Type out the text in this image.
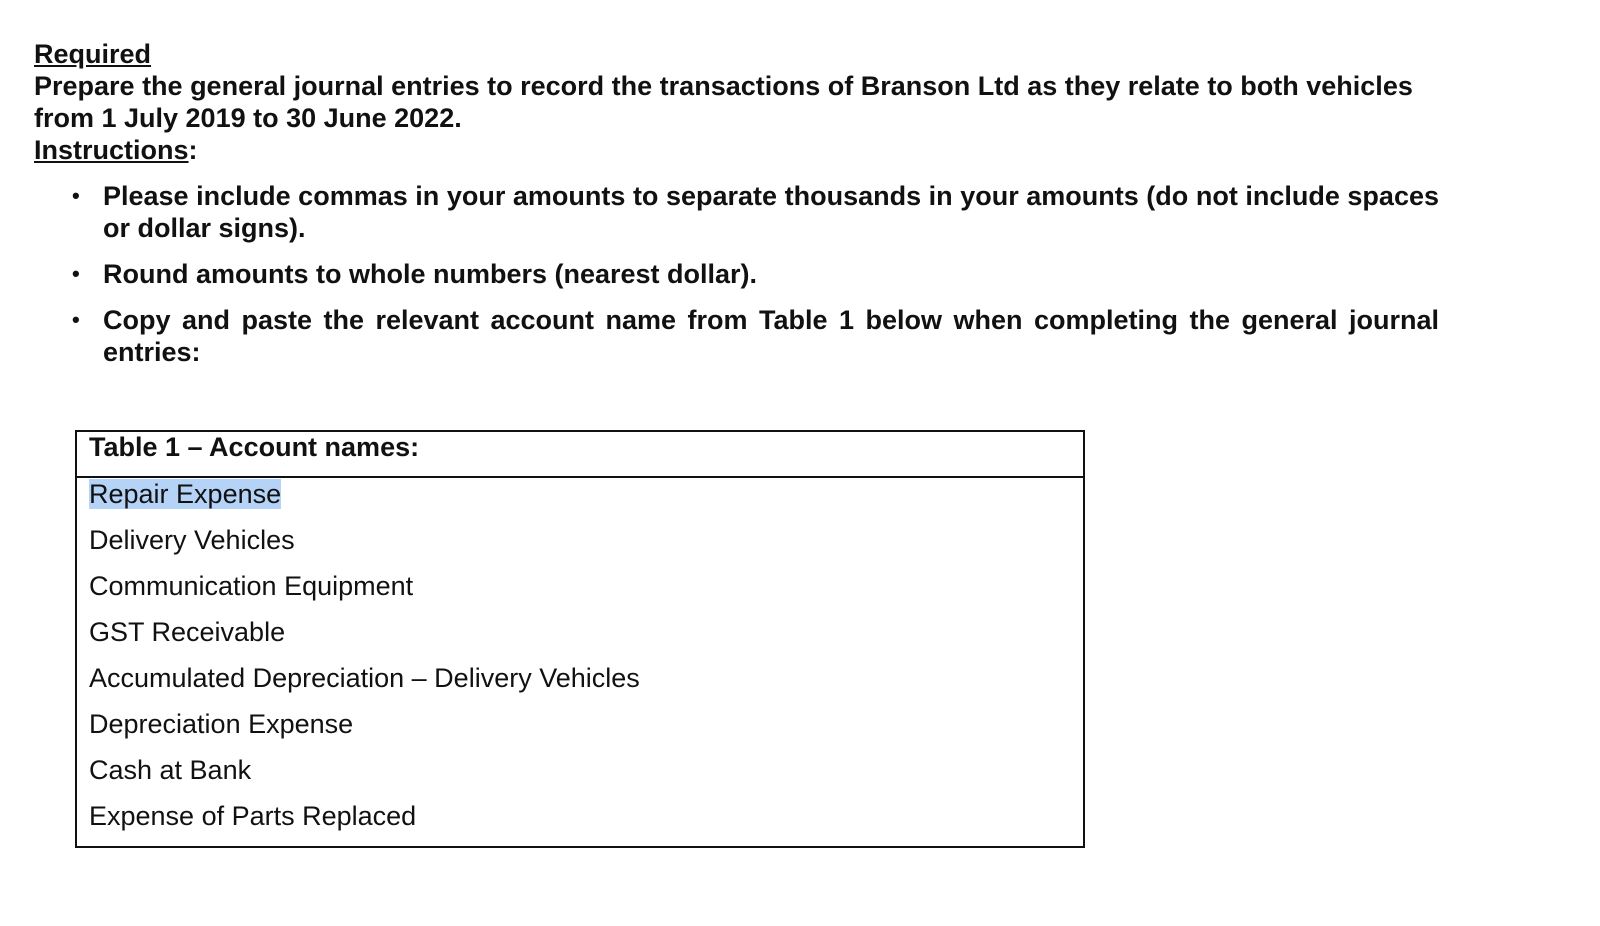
Required

Prepare the general journal entries to record the transactions of Branson Ltd as they relate to both vehicles from 1 July 2019 to 30 June 2022.

Instructions:
• Please include commas in your amounts to separate thousands in your amounts (do not include spaces or dollar signs).
• Round amounts to whole numbers (nearest dollar).
• Copy and paste the relevant account name from Table 1 below when completing the general journal entries:
Table 1 – Account names:
Repair Expense
Delivery Vehicles
Communication Equipment
GST Receivable
Accumulated Depreciation – Delivery Vehicles
Depreciation Expense
Cash at Bank
Expense of Parts Replaced
